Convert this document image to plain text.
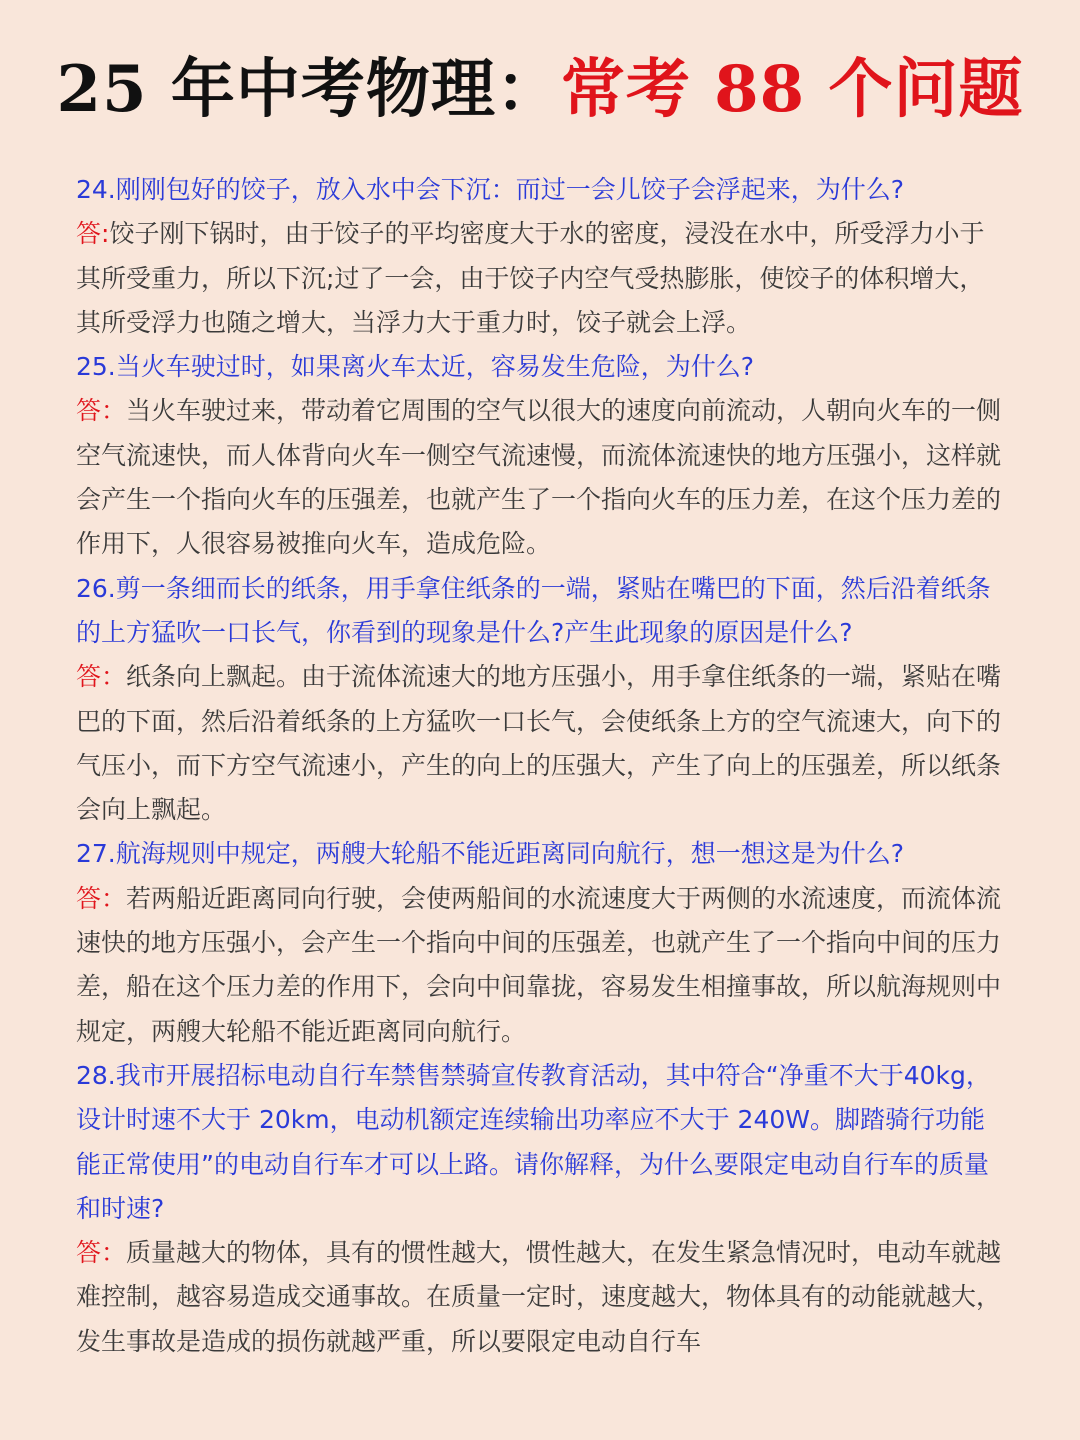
25 年中考物理： 常考 88 个问题

24.刚刚包好的饺子，放入水中会下沉：而过一会儿饺子会浮起来，为什么?

答:饺子刚下锅时，由于饺子的平均密度大于水的密度，浸没在水中，所受浮力小于其所受重力，所以下沉;过了一会，由于饺子内空气受热膨胀，使饺子的体积增大，其所受浮力也随之增大，当浮力大于重力时，饺子就会上浮。

25.当火车驶过时，如果离火车太近，容易发生危险，为什么?

答：当火车驶过来，带动着它周围的空气以很大的速度向前流动，人朝向火车的一侧空气流速快，而人体背向火车一侧空气流速慢，而流体流速快的地方压强小，这样就会产生一个指向火车的压强差，也就产生了一个指向火车的压力差，在这个压力差的作用下，人很容易被推向火车，造成危险。

26.剪一条细而长的纸条，用手拿住纸条的一端，紧贴在嘴巴的下面，然后沿着纸条的上方猛吹一口长气，你看到的现象是什么?产生此现象的原因是什么?

答：纸条向上飘起。由于流体流速大的地方压强小，用手拿住纸条的一端，紧贴在嘴巴的下面，然后沿着纸条的上方猛吹一口长气，会使纸条上方的空气流速大，向下的气压小，而下方空气流速小，产生的向上的压强大，产生了向上的压强差，所以纸条会向上飘起。

27.航海规则中规定，两艘大轮船不能近距离同向航行，想一想这是为什么?

答：若两船近距离同向行驶，会使两船间的水流速度大于两侧的水流速度，而流体流速快的地方压强小，会产生一个指向中间的压强差，也就产生了一个指向中间的压力差，船在这个压力差的作用下，会向中间靠拢，容易发生相撞事故，所以航海规则中规定，两艘大轮船不能近距离同向航行。

28.我市开展招标电动自行车禁售禁骑宣传教育活动，其中符合“净重不大于40kg，设计时速不大于 20km，电动机额定连续输出功率应不大于 240W。脚踏骑行功能能正常使用”的电动自行车才可以上路。请你解释，为什么要限定电动自行车的质量和时速?

答：质量越大的物体，具有的惯性越大，惯性越大，在发生紧急情况时，电动车就越难控制，越容易造成交通事故。在质量一定时，速度越大，物体具有的动能就越大，发生事故是造成的损伤就越严重，所以要限定电动自行车
